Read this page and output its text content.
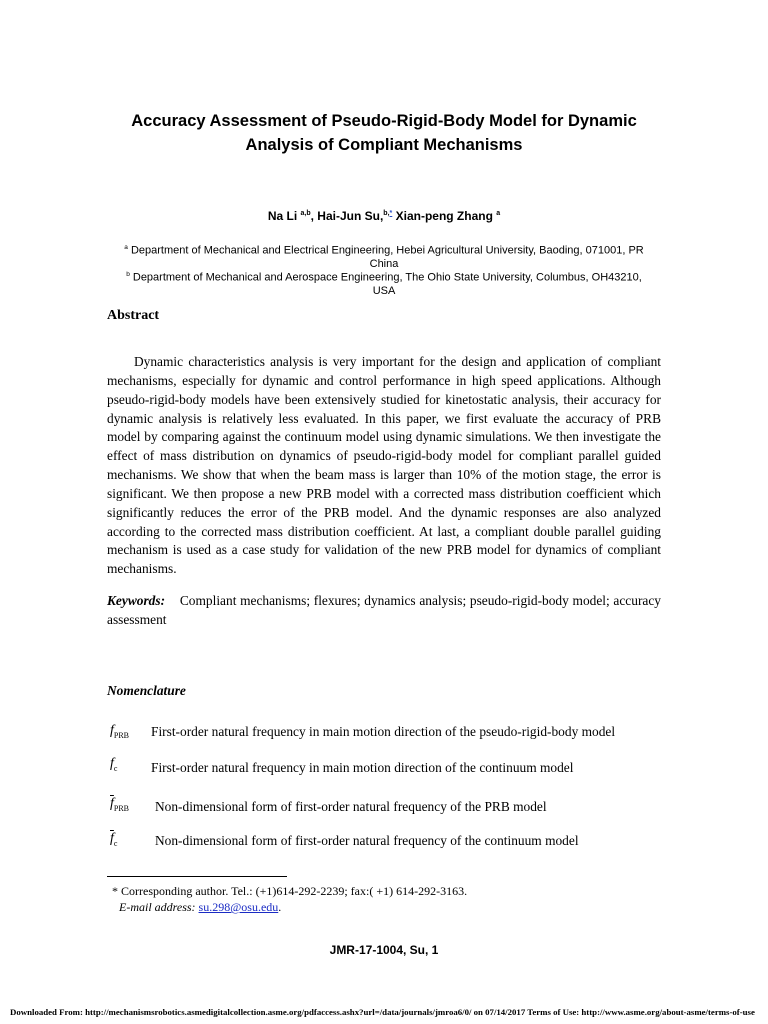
Accuracy Assessment of Pseudo-Rigid-Body Model for Dynamic
Analysis of Compliant Mechanisms
Na Li $^{a,b}$, Hai-Jun Su,$^{b,*}$ Xian-peng Zhang $^a$
$^a$ Department of Mechanical and Electrical Engineering, Hebei Agricultural University, Baoding, 071001, PR
China
$^b$ Department of Mechanical and Aerospace Engineering, The Ohio State University, Columbus, OH43210,
USA
Abstract
Dynamic characteristics analysis is very important for the design and application of compliant mechanisms, especially for dynamic and control performance in high speed applications. Although pseudo-rigid-body models have been extensively studied for kinetostatic analysis, their accuracy for dynamic analysis is relatively less evaluated. In this paper, we first evaluate the accuracy of PRB model by comparing against the continuum model using dynamic simulations. We then investigate the effect of mass distribution on dynamics of pseudo-rigid-body model for compliant parallel guided mechanisms. We show that when the beam mass is larger than 10% of the motion stage, the error is significant. We then propose a new PRB model with a corrected mass distribution coefficient which significantly reduces the error of the PRB model. And the dynamic responses are also analyzed according to the corrected mass distribution coefficient. At last, a compliant double parallel guiding mechanism is used as a case study for validation of the new PRB model for dynamics of compliant mechanisms.
Keywords: Compliant mechanisms; flexures; dynamics analysis; pseudo-rigid-body model; accuracy assessment
Nomenclature
$f_{PRB}$ First-order natural frequency in main motion direction of the pseudo-rigid-body model
$f_c$	First-order natural frequency in main motion direction of the continuum model
$\overline{f}_{PRB}$ Non-dimensional form of first-order natural frequency of the PRB model
$\overline{f}_c$	Non-dimensional form of first-order natural frequency of the continuum model
* Corresponding author. Tel.: (+1)614-292-2239; fax:( +1) 614-292-3163.
E-mail address: su.298@osu.edu.
JMR-17-1004, Su, 1
Downloaded From: http://mechanismsrobotics.asmedigitalcollection.asme.org/pdfaccess.ashx?url=/data/journals/jmroa6/0/ on 07/14/2017 Terms of Use: http://www.asme.org/about-asme/terms-of-use
